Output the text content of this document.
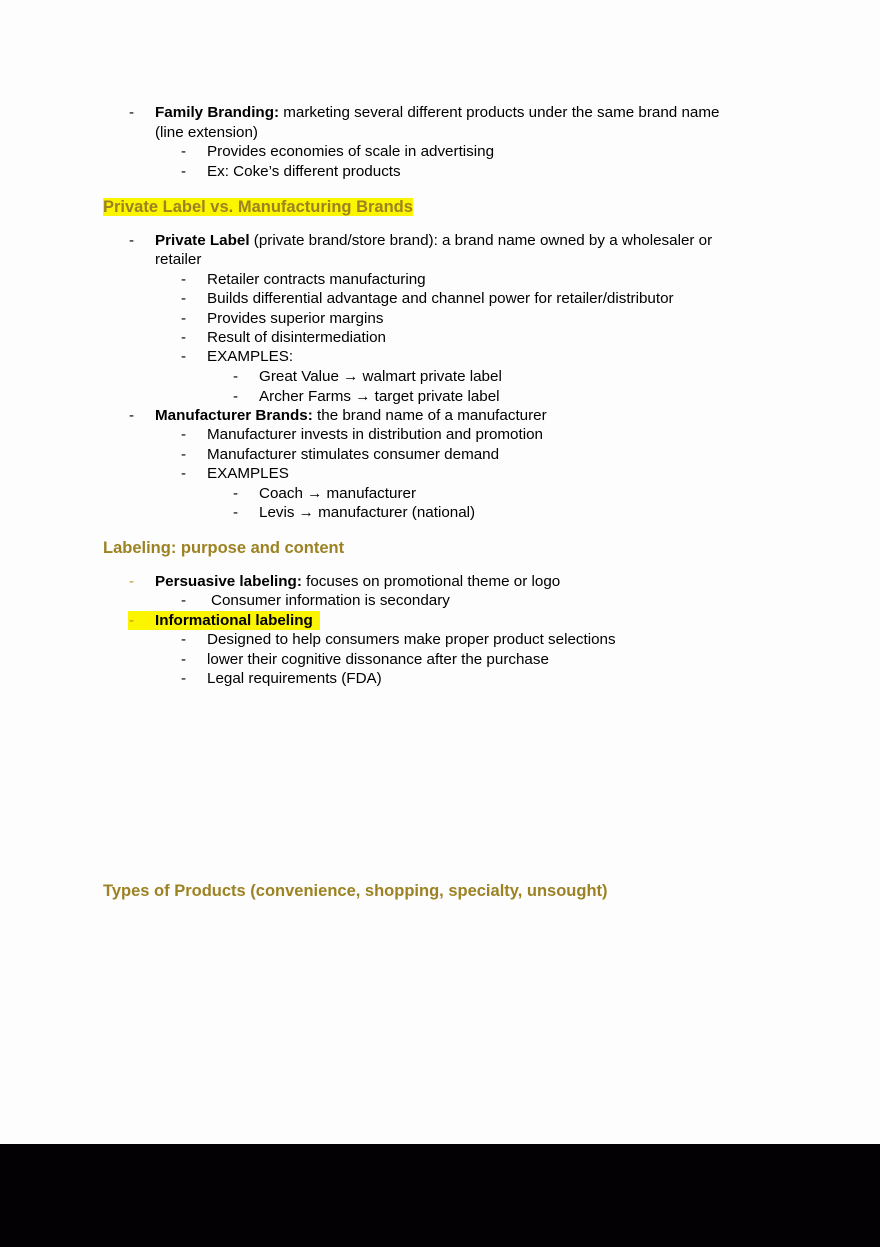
- Family Branding: marketing several different products under the same brand name
(line extension)
- Provides economies of scale in advertising
- Ex: Coke’s different products
Private Label vs. Manufacturing Brands
- Private Label (private brand/store brand): a brand name owned by a wholesaler or
retailer
- Retailer contracts manufacturing
- Builds differential advantage and channel power for retailer/distributor
- Provides superior margins
- Result of disintermediation
- EXAMPLES:
- Great Value → walmart private label
- Archer Farms → target private label
- Manufacturer Brands: the brand name of a manufacturer
- Manufacturer invests in distribution and promotion
- Manufacturer stimulates consumer demand
- EXAMPLES
- Coach → manufacturer
- Levis → manufacturer (national)
Labeling: purpose and content
- Persuasive labeling: focuses on promotional theme or logo
- Consumer information is secondary
- Informational labeling
- Designed to help consumers make proper product selections
- lower their cognitive dissonance after the purchase
- Legal requirements (FDA)
Types of Products (convenience, shopping, specialty, unsought)
